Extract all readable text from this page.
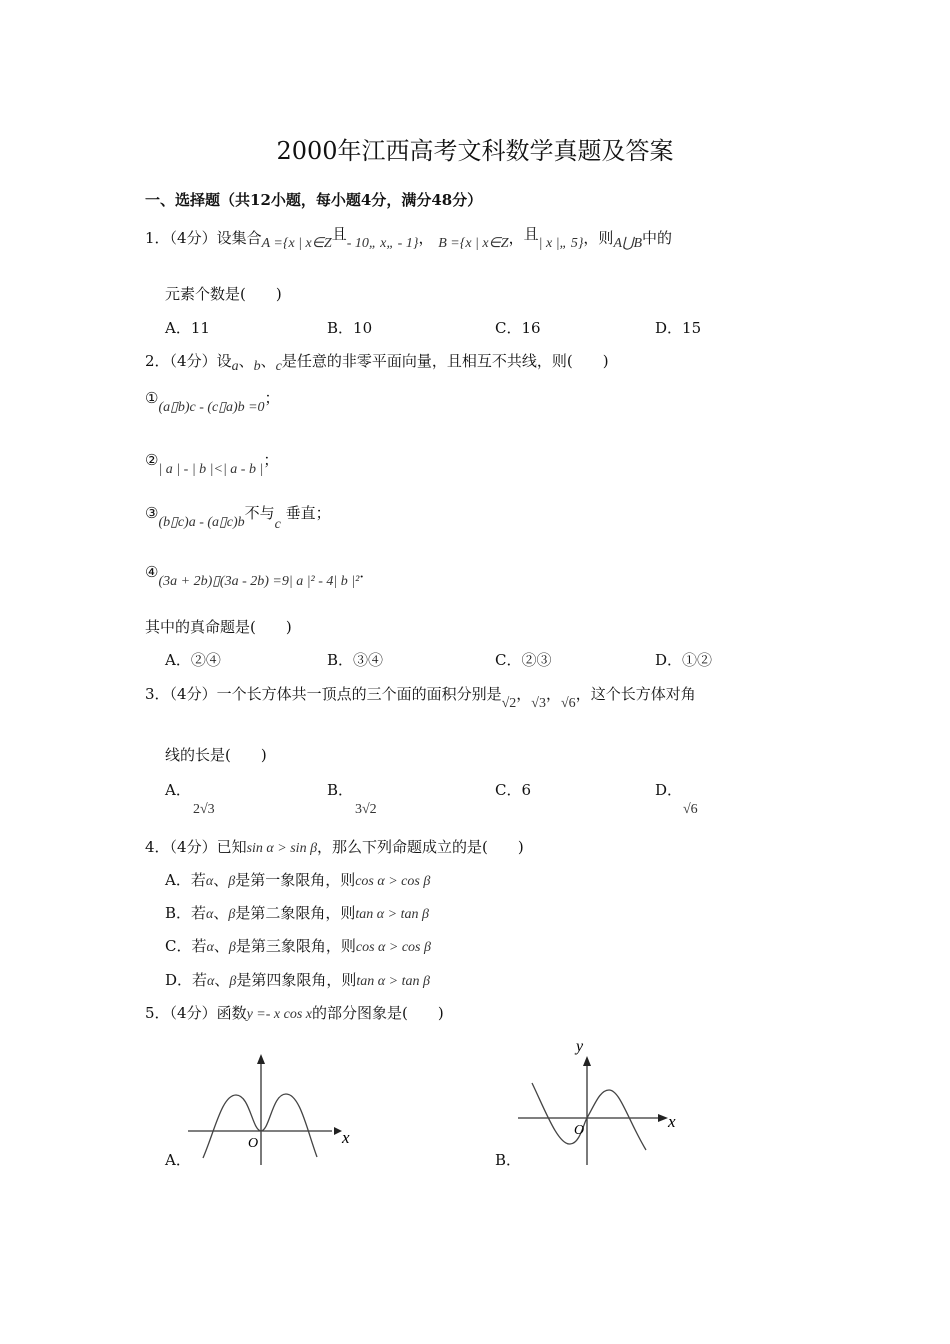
2000年江西高考文科数学真题及答案
一、选择题（共12小题，每小题4分，满分48分）
1．（4分）设集合A ={x | x∈Z且- 10„ x„ - 1}， B ={x | x∈Z，且| x |„ 5}，则A⋃B中的
元素个数是(　　)
A．11	B．10	C．16	D．15
2．（4分）设a、b、c是任意的非零平面向量，且相互不共线，则(　　)
①(a▯b)c - (c▯a)b =0；
②| a | - | b |<| a - b |；
③(b▯c)a - (a▯c)b不与c 垂直；
④(3a + 2b)▯(3a - 2b) =9| a |² - 4| b |²．
其中的真命题是(　　)
A．②④	B．③④	C．②③	D．①②
3．（4分）一个长方体共一顶点的三个面的面积分别是√2，√3，√6，这个长方体对角
线的长是(　　)
A．
2√3
B．
3√2
C．6	D．
√6
4．（4分）已知sin α > sin β，那么下列命题成立的是(　　)
A．若α、β是第一象限角，则cos α > cos β
B．若α、β是第二象限角，则tan α > tan β
C．若α、β是第三象限角，则cos α > cos β
D．若α、β是第四象限角，则tan α > tan β
5．（4分）函数y =- x cos x的部分图象是(　　)
O	x
y
O	x
A．	B．
